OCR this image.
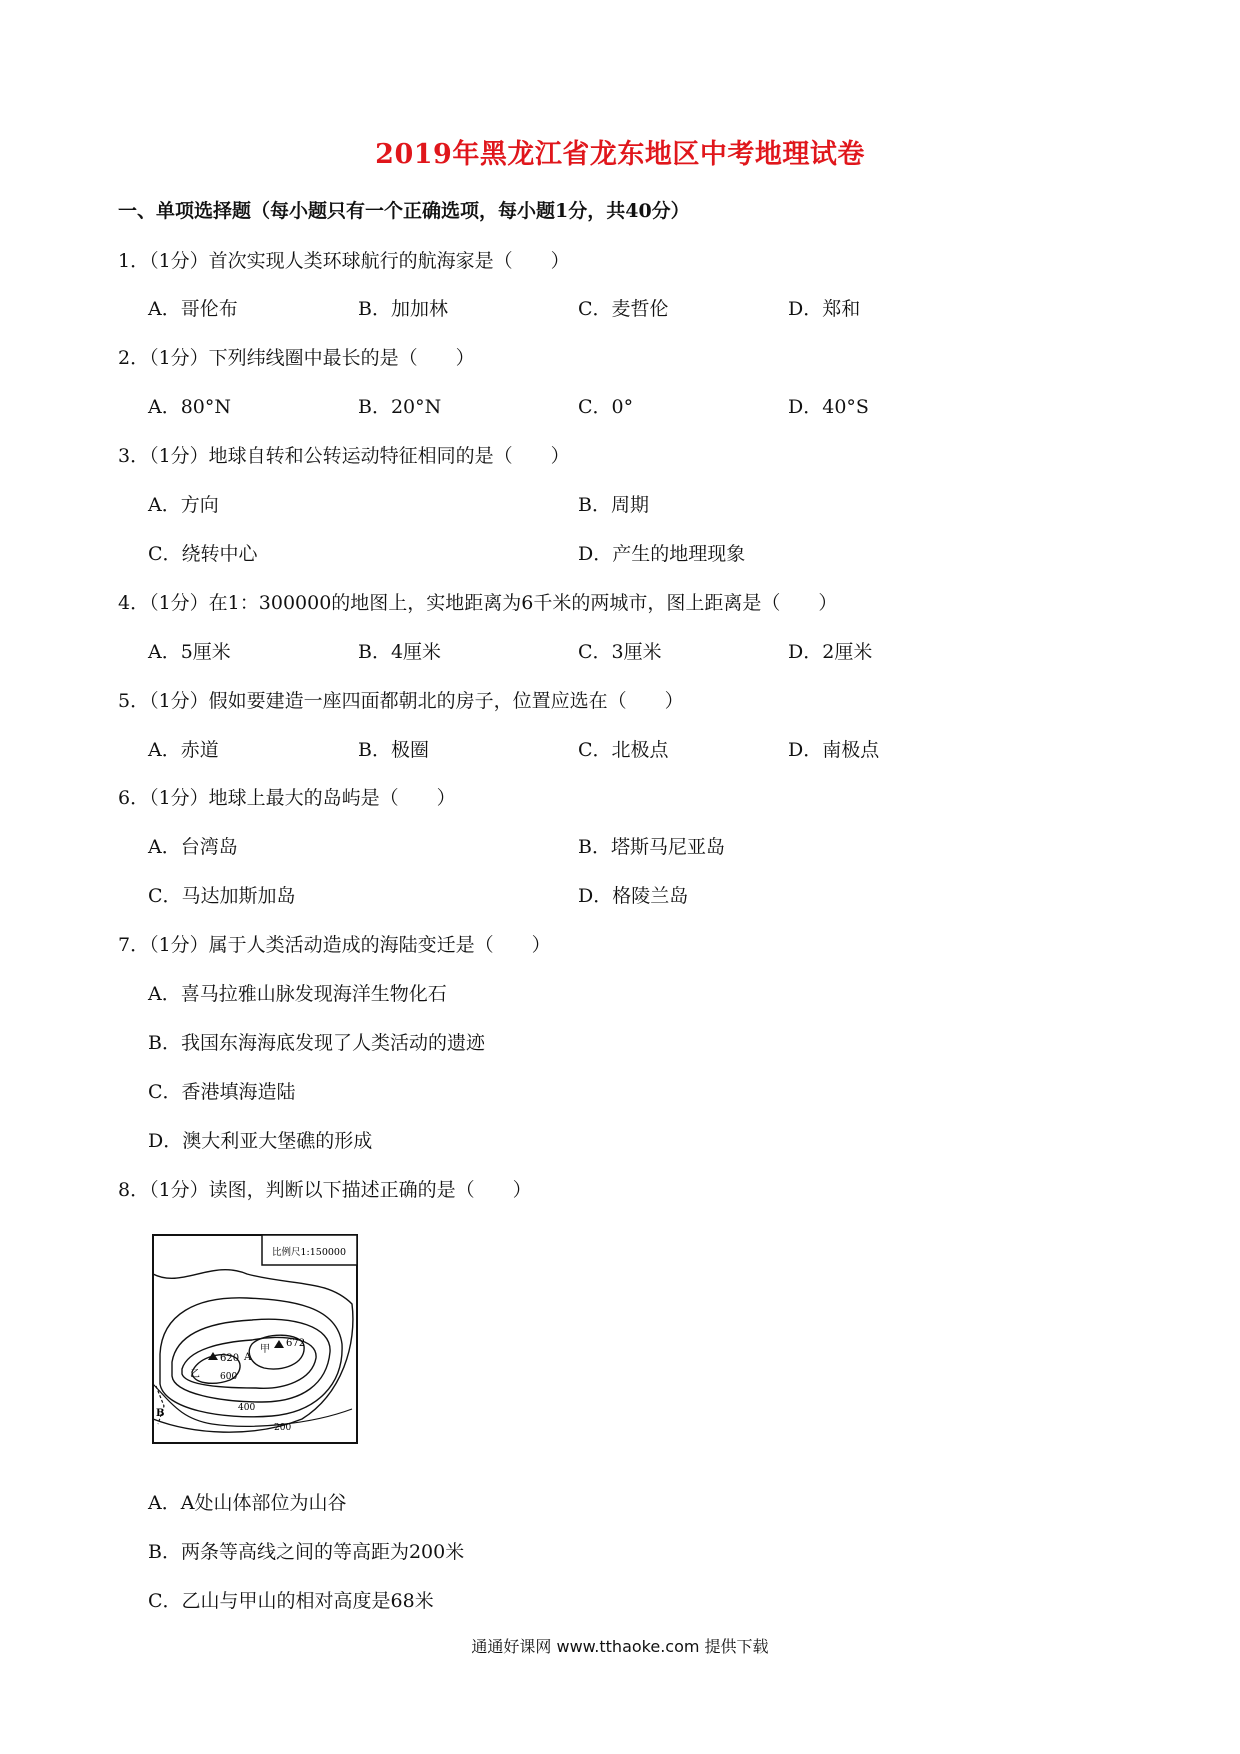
2019年黑龙江省龙东地区中考地理试卷
一、单项选择题（每小题只有一个正确选项，每小题1分，共40分）
1．（1分）首次实现人类环球航行的航海家是（　　）
A．哥伦布	B．加加林	C．麦哲伦	D．郑和
2．（1分）下列纬线圈中最长的是（　　）
A．80°N	B．20°N	C．0°	D．40°S
3．（1分）地球自转和公转运动特征相同的是（　　）
A．方向	B．周期
C．绕转中心	D．产生的地理现象
4．（1分）在1：300000的地图上，实地距离为6千米的两城市，图上距离是（　　）
A．5厘米	B．4厘米	C．3厘米	D．2厘米
5．（1分）假如要建造一座四面都朝北的房子，位置应选在（　　）
A．赤道	B．极圈	C．北极点	D．南极点
6．（1分）地球上最大的岛屿是（　　）
A．台湾岛	B．塔斯马尼亚岛
C．马达加斯加岛	D．格陵兰岛
7．（1分）属于人类活动造成的海陆变迁是（　　）
A．喜马拉雅山脉发现海洋生物化石
B．我国东海海底发现了人类活动的遗迹
C．香港填海造陆
D．澳大利亚大堡礁的形成
8．（1分）读图，判断以下描述正确的是（　　）
比例尺1:150000
620
672
A
B
乙
甲
600
400
200
A．A处山体部位为山谷
B．两条等高线之间的等高距为200米
C．乙山与甲山的相对高度是68米
通通好课网 www.tthaoke.com 提供下载
